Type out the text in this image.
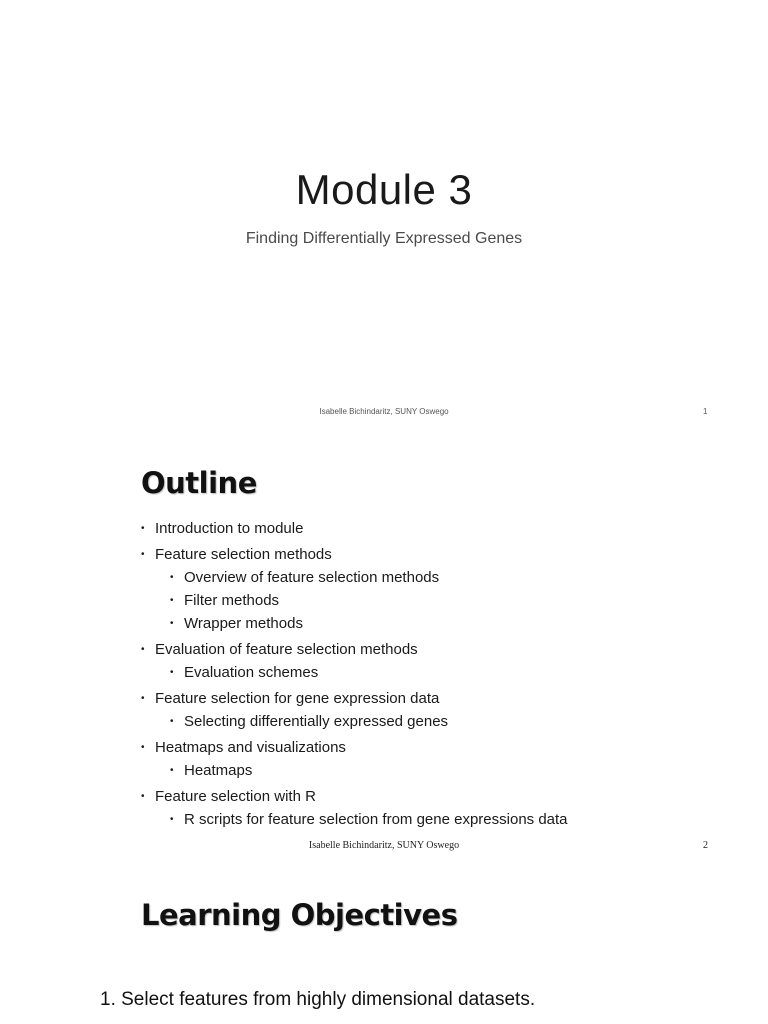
Module 3
Finding Differentially Expressed Genes
Isabelle Bichindaritz, SUNY Oswego	1
Outline
• Introduction to module
• Feature selection methods
• Overview of feature selection methods
• Filter methods
• Wrapper methods
• Evaluation of feature selection methods
• Evaluation schemes
• Feature selection for gene expression data
• Selecting differentially expressed genes
• Heatmaps and visualizations
• Heatmaps
• Feature selection with R
• R scripts for feature selection from gene expressions data
Isabelle Bichindaritz, SUNY Oswego	2
Learning Objectives
1. Select features from highly dimensional datasets.
